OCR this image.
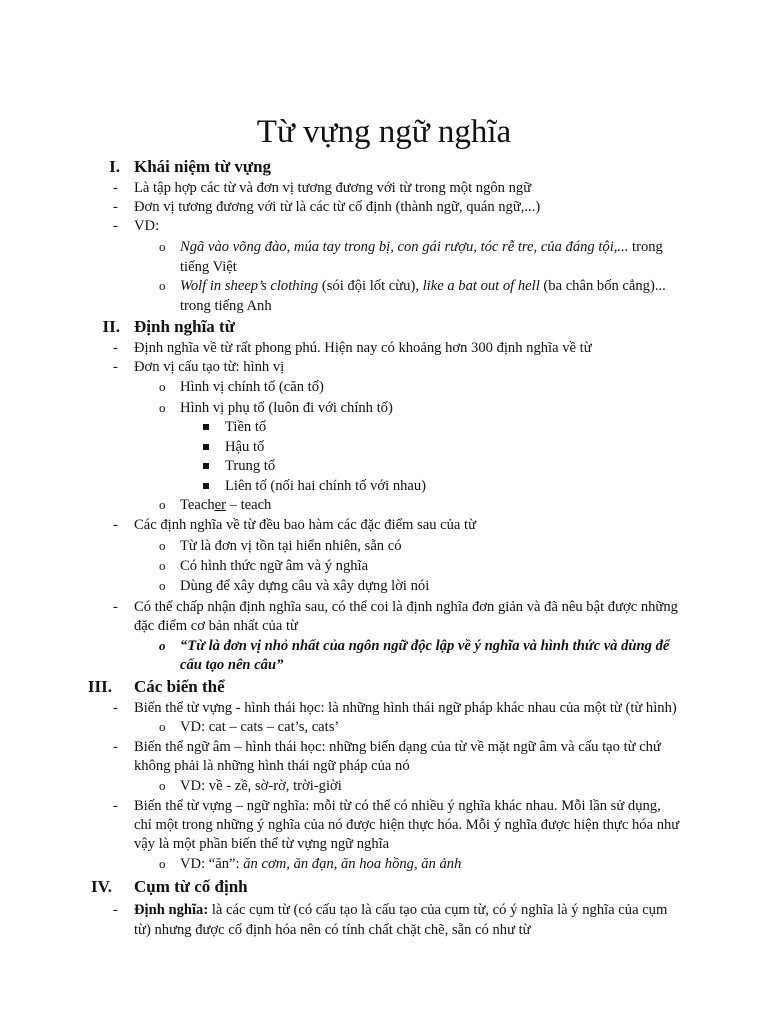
Từ vựng ngữ nghĩa
I. Khái niệm từ vựng
- Là tập hợp các từ và đơn vị tương đương với từ trong một ngôn ngữ
- Đơn vị tương đương với từ là các từ cố định (thành ngữ, quán ngữ,...)
- VD:
o Ngã vào võng đào, múa tay trong bị, con gái rượu, tóc rễ tre, của đáng tội,... trong
tiếng Việt
o Wolf in sheep’s clothing (sói đội lốt cừu), like a bat out of hell (ba chân bốn cẳng)...
trong tiếng Anh
II. Định nghĩa từ
- Định nghĩa về từ rất phong phú. Hiện nay có khoảng hơn 300 định nghĩa về từ
- Đơn vị cấu tạo từ: hình vị
o Hình vị chính tố (căn tố)
o Hình vị phụ tố (luôn đi với chính tố)
Tiền tố
Hậu tố
Trung tố
Liên tố (nối hai chính tố với nhau)
o Teacher – teach
- Các định nghĩa về từ đều bao hàm các đặc điểm sau của từ
o Từ là đơn vị tồn tại hiển nhiên, sẵn có
o Có hình thức ngữ âm và ý nghĩa
o Dùng để xây dựng câu và xây dựng lời nói
- Có thể chấp nhận định nghĩa sau, có thể coi là định nghĩa đơn giản và đã nêu bật được những
đặc điểm cơ bản nhất của từ
o “Từ là đơn vị nhỏ nhất của ngôn ngữ độc lập về ý nghĩa và hình thức và dùng để
cấu tạo nên câu”
III. Các biến thể
- Biến thể từ vựng - hình thái học: là những hình thái ngữ pháp khác nhau của một từ (từ hình)
o VD: cat – cats – cat’s, cats’
- Biến thể ngữ âm – hình thái học: những biến dạng của từ về mặt ngữ âm và cấu tạo từ chứ
không phải là những hình thái ngữ pháp của nó
o VD: về - zề, sờ-rờ, trời-giời
- Biến thể từ vựng – ngữ nghĩa: mỗi từ có thể có nhiều ý nghĩa khác nhau. Mỗi lần sử dụng,
chỉ một trong những ý nghĩa của nó được hiện thực hóa. Mỗi ý nghĩa được hiện thực hóa như
vậy là một phần biến thể từ vựng ngữ nghĩa
o VD: “ăn”: ăn cơm, ăn đạn, ăn hoa hồng, ăn ảnh
IV. Cụm từ cố định
- Định nghĩa: là các cụm từ (có cấu tạo là cấu tạo của cụm từ, có ý nghĩa là ý nghĩa của cụm
từ) nhưng được cố định hóa nên có tính chất chặt chẽ, sẵn có như từ
